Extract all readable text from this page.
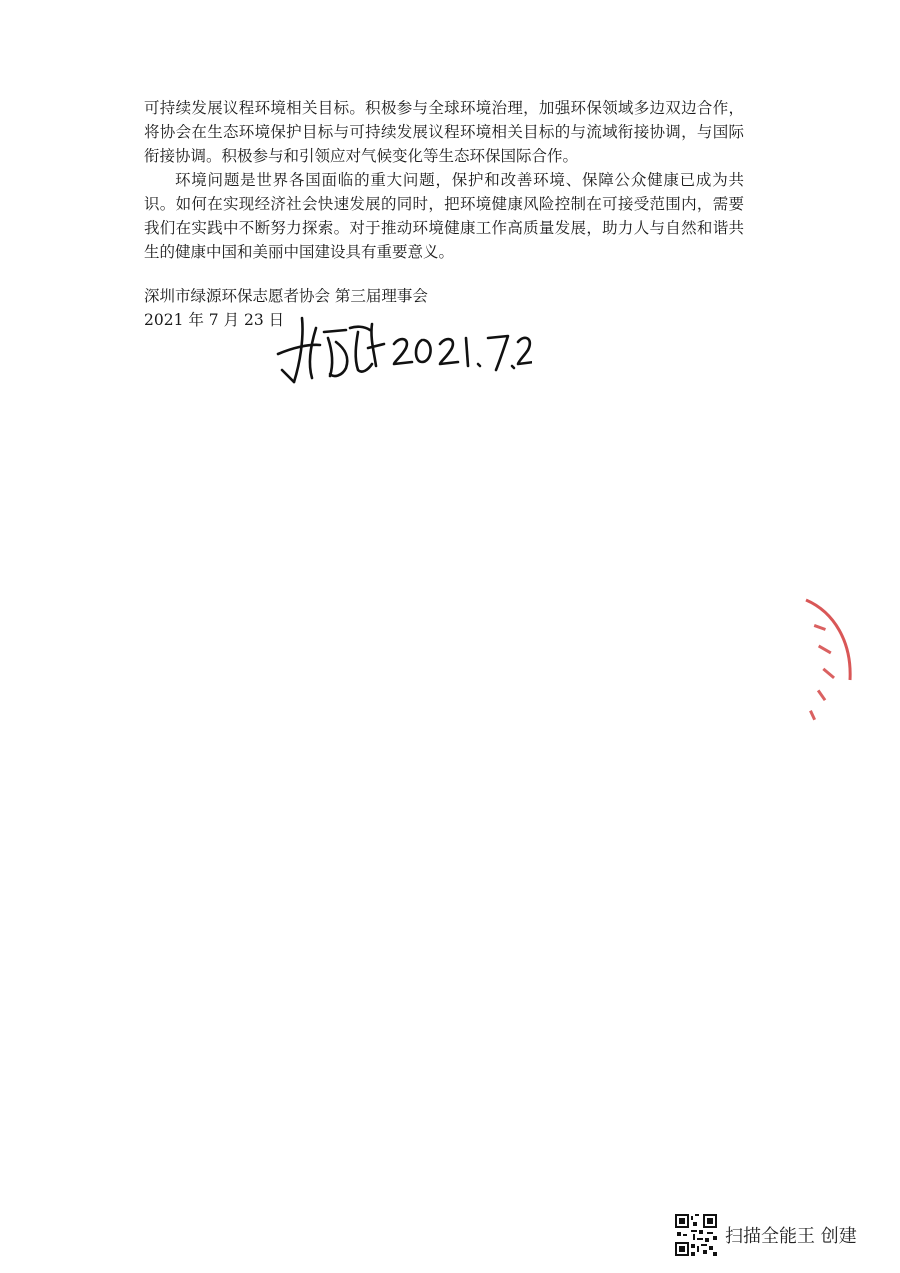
可持续发展议程环境相关目标。积极参与全球环境治理，加强环保领域多边双边合作，将协会在生态环境保护目标与可持续发展议程环境相关目标的与流域衔接协调，与国际衔接协调。积极参与和引领应对气候变化等生态环保国际合作。

环境问题是世界各国面临的重大问题，保护和改善环境、保障公众健康已成为共识。如何在实现经济社会快速发展的同时，把环境健康风险控制在可接受范围内，需要我们在实践中不断努力探索。对于推动环境健康工作高质量发展，助力人与自然和谐共生的健康中国和美丽中国建设具有重要意义。

深圳市绿源环保志愿者协会 第三届理事会
2021 年 7 月 23 日
扫描全能王 创建
